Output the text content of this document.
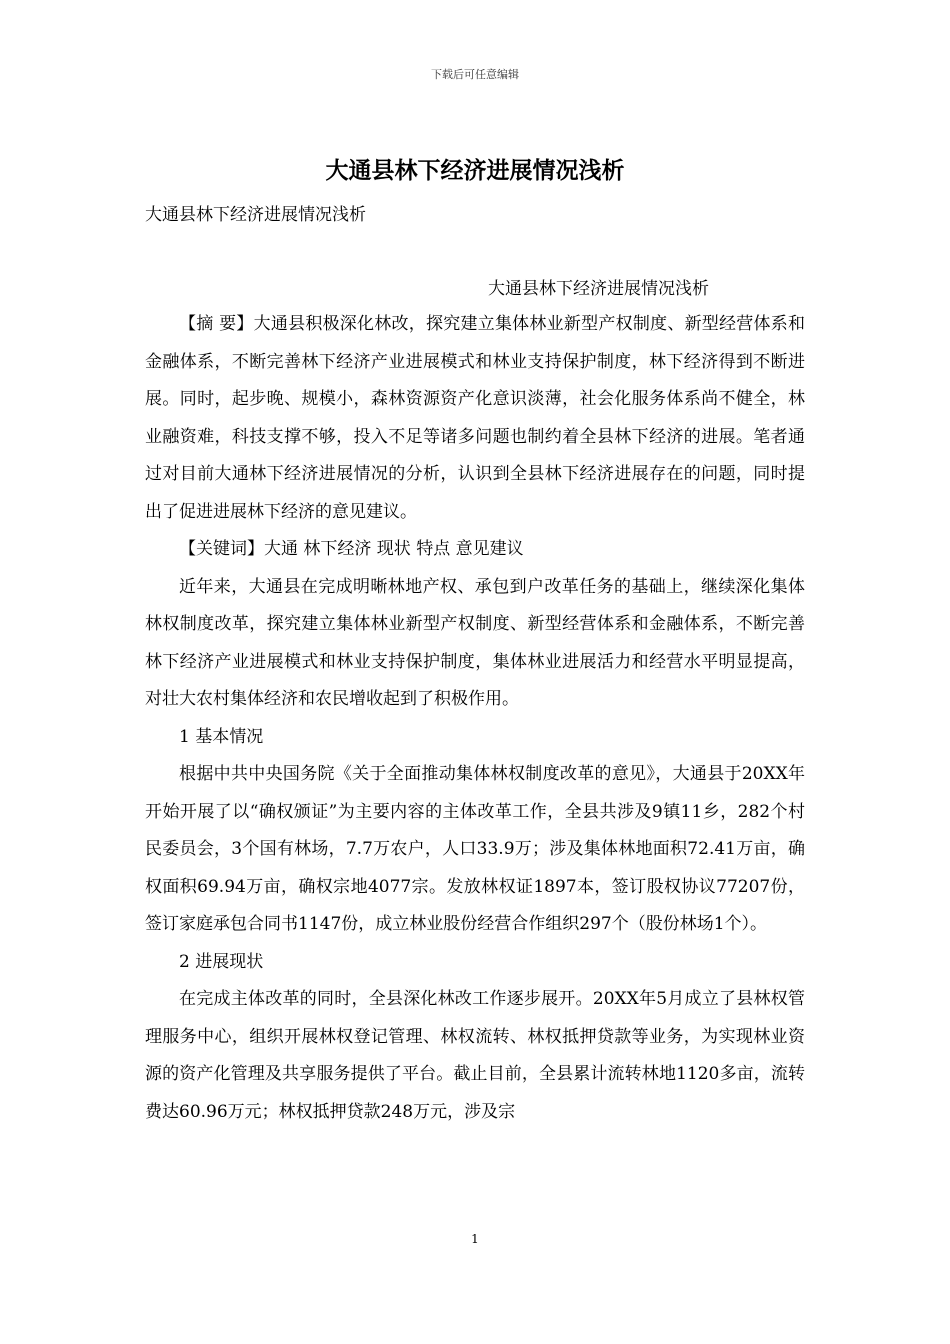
下载后可任意编辑
大通县林下经济进展情况浅析
大通县林下经济进展情况浅析
大通县林下经济进展情况浅析

【摘 要】大通县积极深化林改，探究建立集体林业新型产权制度、新型经营体系和金融体系，不断完善林下经济产业进展模式和林业支持保护制度，林下经济得到不断进展。同时，起步晚、规模小，森林资源资产化意识淡薄，社会化服务体系尚不健全，林业融资难，科技支撑不够，投入不足等诸多问题也制约着全县林下经济的进展。笔者通过对目前大通林下经济进展情况的分析，认识到全县林下经济进展存在的问题，同时提出了促进进展林下经济的意见建议。

【关键词】大通 林下经济 现状 特点 意见建议

近年来，大通县在完成明晰林地产权、承包到户改革任务的基础上，继续深化集体林权制度改革，探究建立集体林业新型产权制度、新型经营体系和金融体系，不断完善林下经济产业进展模式和林业支持保护制度，集体林业进展活力和经营水平明显提高，对壮大农村集体经济和农民增收起到了积极作用。

1 基本情况

根据中共中央国务院《关于全面推动集体林权制度改革的意见》，大通县于20XX年开始开展了以“确权颁证”为主要内容的主体改革工作，全县共涉及9镇11乡，282个村民委员会，3个国有林场，7.7万农户，人口33.9万；涉及集体林地面积72.41万亩，确权面积69.94万亩，确权宗地4077宗。发放林权证1897本，签订股权协议77207份，签订家庭承包合同书1147份，成立林业股份经营合作组织297个（股份林场1个）。

2 进展现状

在完成主体改革的同时，全县深化林改工作逐步展开。20XX年5月成立了县林权管理服务中心，组织开展林权登记管理、林权流转、林权抵押贷款等业务，为实现林业资源的资产化管理及共享服务提供了平台。截止目前，全县累计流转林地1120多亩，流转费达60.96万元；林权抵押贷款248万元，涉及宗

1
